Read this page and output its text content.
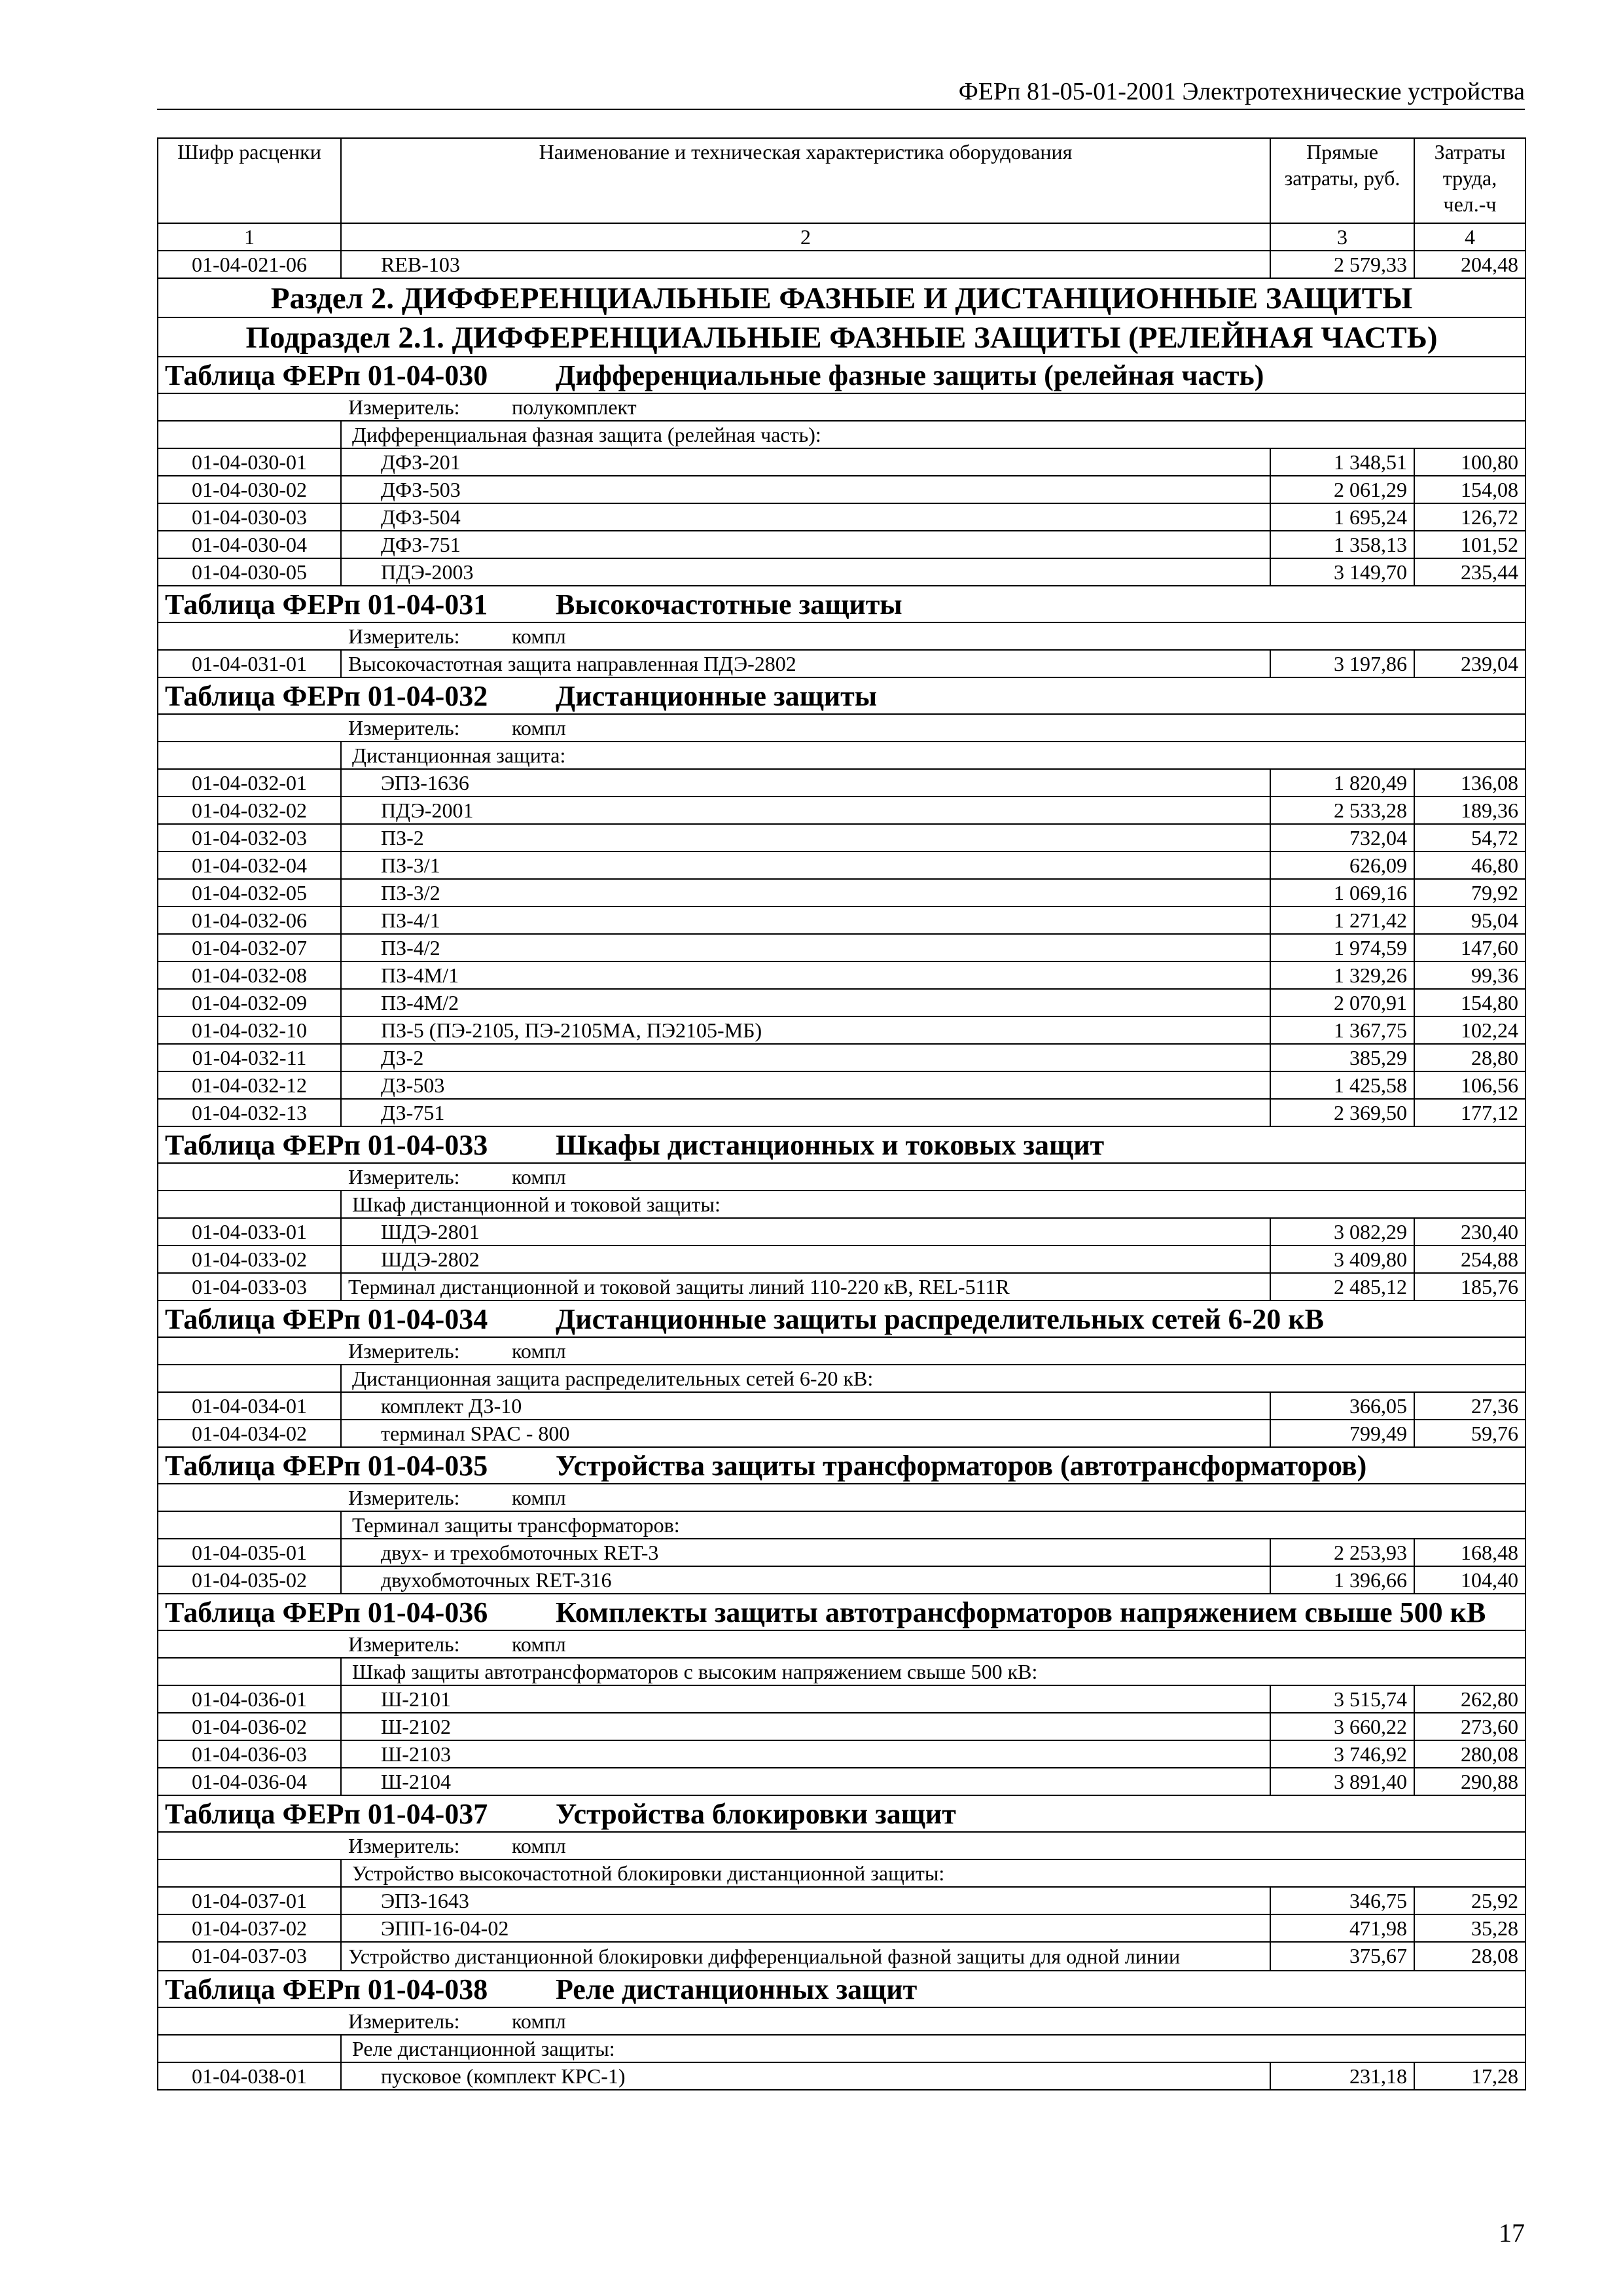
ФЕРп 81-05-01-2001 Электротехнические устройства
Шифр расценки	Наименование и техническая характеристика оборудования	Прямые затраты, руб.	Затраты труда, чел.-ч
1	2	3	4
01-04-021-06	REB-103	2 579,33	204,48
Раздел 2. ДИФФЕРЕНЦИАЛЬНЫЕ ФАЗНЫЕ И ДИСТАНЦИОННЫЕ ЗАЩИТЫ			
Подраздел 2.1. ДИФФЕРЕНЦИАЛЬНЫЕ ФАЗНЫЕ ЗАЩИТЫ (РЕЛЕЙНАЯ ЧАСТЬ)			
Таблица ФЕРп 01-04-030 Дифференциальные фазные защиты (релейная часть)			
Измеритель: полукомплект			
	Дифференциальная фазная защита (релейная часть):		
01-04-030-01	ДФЗ-201	1 348,51	100,80
01-04-030-02	ДФЗ-503	2 061,29	154,08
01-04-030-03	ДФЗ-504	1 695,24	126,72
01-04-030-04	ДФЗ-751	1 358,13	101,52
01-04-030-05	ПДЭ-2003	3 149,70	235,44
Таблица ФЕРп 01-04-031 Высокочастотные защиты			
Измеритель: компл			
01-04-031-01	Высокочастотная защита направленная ПДЭ-2802	3 197,86	239,04
Таблица ФЕРп 01-04-032 Дистанционные защиты			
Измеритель: компл			
	Дистанционная защита:		
01-04-032-01	ЭПЗ-1636	1 820,49	136,08
01-04-032-02	ПДЭ-2001	2 533,28	189,36
01-04-032-03	ПЗ-2	732,04	54,72
01-04-032-04	ПЗ-3/1	626,09	46,80
01-04-032-05	ПЗ-3/2	1 069,16	79,92
01-04-032-06	ПЗ-4/1	1 271,42	95,04
01-04-032-07	ПЗ-4/2	1 974,59	147,60
01-04-032-08	ПЗ-4М/1	1 329,26	99,36
01-04-032-09	ПЗ-4М/2	2 070,91	154,80
01-04-032-10	ПЗ-5 (ПЭ-2105, ПЭ-2105МА, ПЭ2105-МБ)	1 367,75	102,24
01-04-032-11	ДЗ-2	385,29	28,80
01-04-032-12	ДЗ-503	1 425,58	106,56
01-04-032-13	ДЗ-751	2 369,50	177,12
Таблица ФЕРп 01-04-033 Шкафы дистанционных и токовых защит			
Измеритель: компл			
	Шкаф дистанционной и токовой защиты:		
01-04-033-01	ШДЭ-2801	3 082,29	230,40
01-04-033-02	ШДЭ-2802	3 409,80	254,88
01-04-033-03	Терминал дистанционной и токовой защиты линий 110-220 кВ, REL-511R	2 485,12	185,76
Таблица ФЕРп 01-04-034 Дистанционные защиты распределительных сетей 6-20 кВ			
Измеритель: компл			
	Дистанционная защита распределительных сетей 6-20 кВ:		
01-04-034-01	комплект ДЗ-10	366,05	27,36
01-04-034-02	терминал SPAC - 800	799,49	59,76
Таблица ФЕРп 01-04-035 Устройства защиты трансформаторов (автотрансформаторов)			
Измеритель: компл			
	Терминал защиты трансформаторов:		
01-04-035-01	двух- и трехобмоточных RET-3	2 253,93	168,48
01-04-035-02	двухобмоточных RET-316	1 396,66	104,40
Таблица ФЕРп 01-04-036 Комплекты защиты автотрансформаторов напряжением свыше 500 кВ			
Измеритель: компл			
	Шкаф защиты автотрансформаторов с высоким напряжением свыше 500 кВ:		
01-04-036-01	Ш-2101	3 515,74	262,80
01-04-036-02	Ш-2102	3 660,22	273,60
01-04-036-03	Ш-2103	3 746,92	280,08
01-04-036-04	Ш-2104	3 891,40	290,88
Таблица ФЕРп 01-04-037 Устройства блокировки защит			
Измеритель: компл			
	Устройство высокочастотной блокировки дистанционной защиты:		
01-04-037-01	ЭПЗ-1643	346,75	25,92
01-04-037-02	ЭПП-16-04-02	471,98	35,28
01-04-037-03	Устройство дистанционной блокировки дифференциальной фазной защиты для одной линии	375,67	28,08
Таблица ФЕРп 01-04-038 Реле дистанционных защит			
Измеритель: компл			
	Реле дистанционной защиты:		
01-04-038-01	пусковое (комплект КРС-1)	231,18	17,28
17
